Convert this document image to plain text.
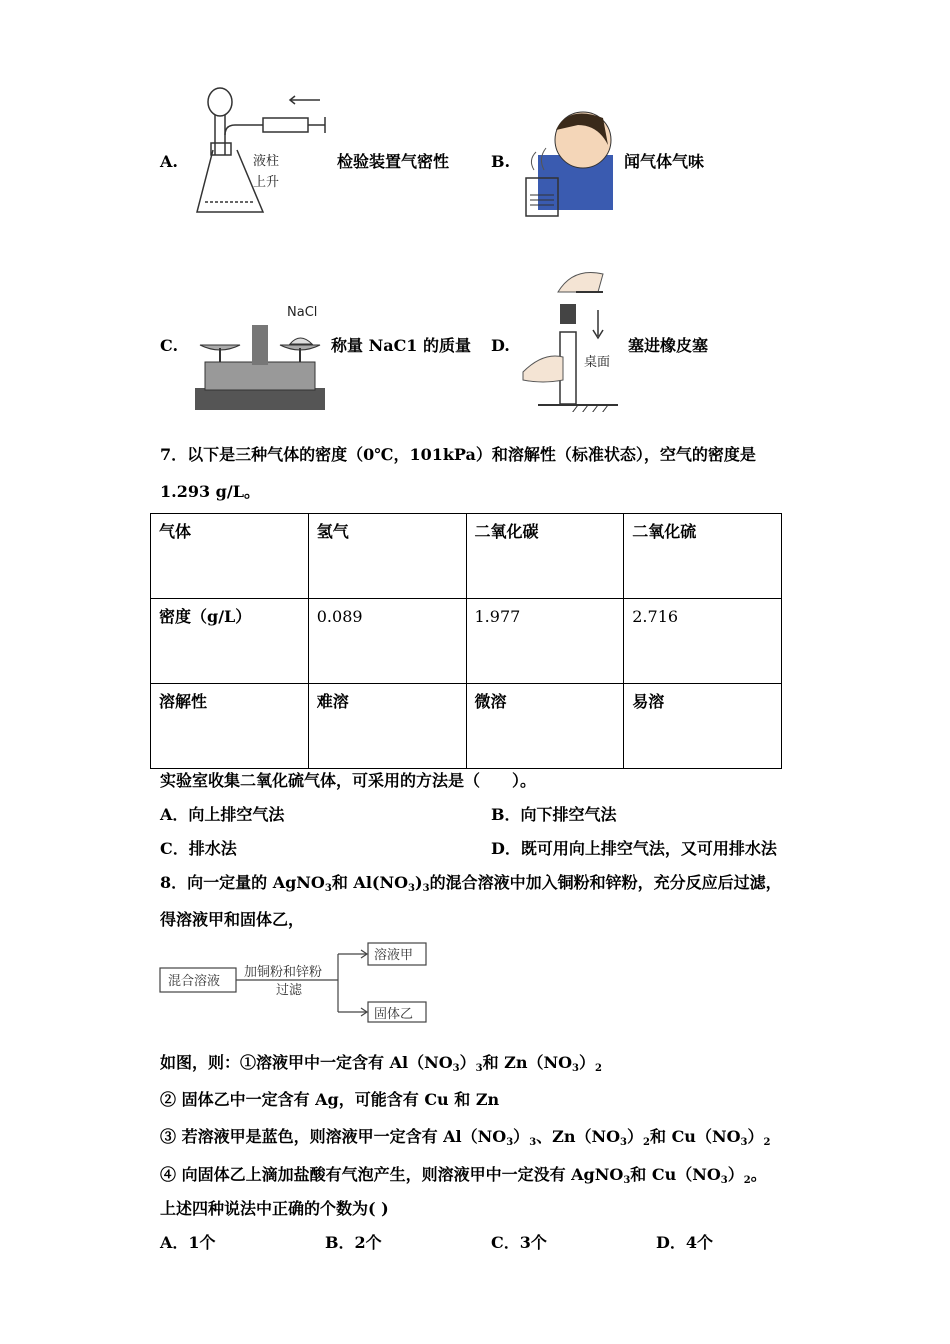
A.	液柱
上升
检验装置气密性	B.	闻气体气味
C.
NaCl
称量 NaC1 的质量 D.
桌面
塞进橡皮塞
7．以下是三种气体的密度（0℃，101kPa）和溶解性（标准状态），空气的密度是
1.293 g/L。
气体	氢气	二氧化碳	二氧化硫
密度（g/L）	0.089	1.977	2.716
溶解性	难溶	微溶	易溶
实验室收集二氧化硫气体，可采用的方法是（　　）。
A．向上排空气法	B．向下排空气法
C．排水法	D．既可用向上排空气法，又可用排水法
8．向一定量的 AgNO$_3$和 $Al(NO_3)_3$的混合溶液中加入铜粉和锌粉，充分反应后过滤，
得溶液甲和固体乙，
混合溶液
加铜粉和锌粉
过滤
溶液甲
固体乙
如图，则：①溶液甲中一定含有 $Al(NO_3)_3$和 $Zn(NO_3)_2$
② 固体乙中一定含有 Ag，可能含有 Cu 和 Zn
③ 若溶液甲是蓝色，则溶液甲一定含有 $Al(NO_3)_3$、$Zn(NO_3)_2$和 $Cu(NO_3)_2$
④ 向固体乙上滴加盐酸有气泡产生，则溶液甲中一定没有 AgNO$_3$和 $Cu(NO_3)_2$。
上述四种说法中正确的个数为( )
A．1个	B．2个	C．3个	D．4个
